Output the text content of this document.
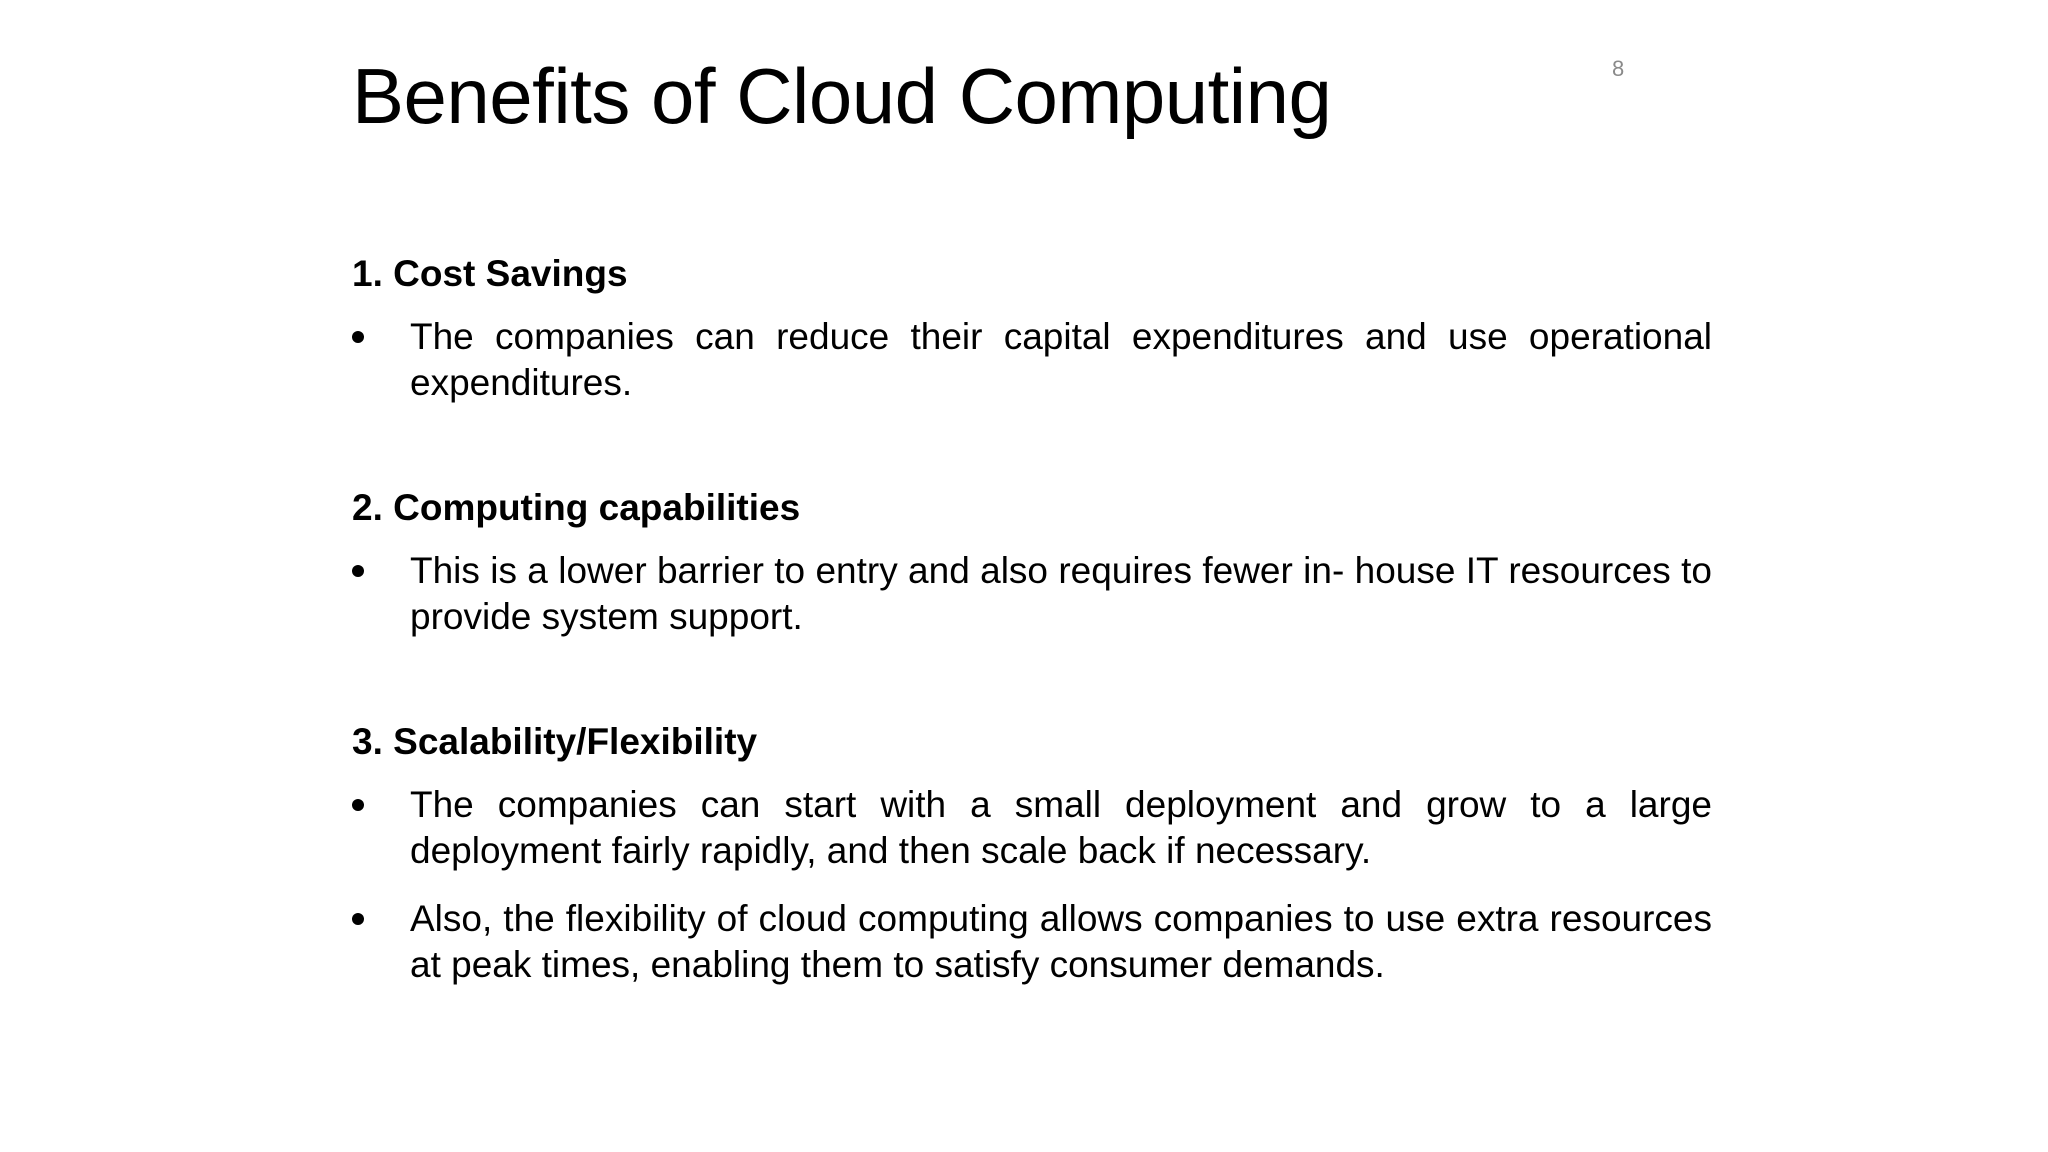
Benefits of Cloud Computing	8
1. Cost Savings
The companies can reduce their capital expenditures and use operational expenditures.
2. Computing capabilities
This is a lower barrier to entry and also requires fewer in- house IT resources to provide system support.
3. Scalability/Flexibility
The companies can start with a small deployment and grow to a large deployment fairly rapidly, and then scale back if necessary.
Also, the flexibility of cloud computing allows companies to use extra resources at peak times, enabling them to satisfy consumer demands.
